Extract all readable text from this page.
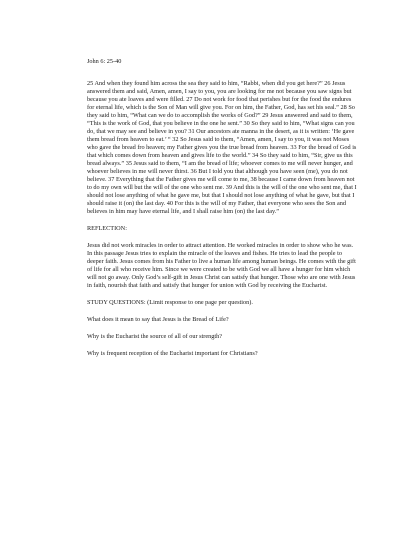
John 6: 25-40

25 And when they found him across the sea they said to him, “Rabbi, when did you get here?” 26 Jesus answered them and said, Amen, amen, I say to you, you are looking for me not because you saw signs but because you ate loaves and were filled. 27 Do not work for food that perishes but for the food the endures for eternal life, which is the Son of Man will give you. For on him, the Father, God, has set his seal.” 28 So they said to him, “What can we do to accomplish the works of God?” 29 Jesus answered and said to them, “This is the work of God, that you believe in the one he sent.” 30 So they said to him, “What signs can you do, that we may see and believe in you? 31 Our ancestors ate manna in the desert, as it is written: ‘He gave them bread from heaven to eat.’ “ 32 So Jesus said to them, “Amen, amen, I say to you, it was not Moses who gave the bread fro heaven; my Father gives you the true bread from heaven. 33 For the bread of God is that which comes down from heaven and gives life to the world.” 34 So they said to him, “Sir, give us this bread always.” 35 Jesus said to them, “I am the bread of life; whoever comes to me will never hunger, and whoever believes in me will never thirst. 36 But I told you that although you have seen (me), you do not believe. 37 Everything that the Father gives me will come to me, 38 because I came down from heaven not to do my own will but the will of the one who sent me. 39 And this is the will of the one who sent me, that I should not lose anything of what he gave me, but that I should not lose anything of what he gave, but that I should raise it (on) the last day. 40 For this is the will of my Father, that everyone who sees the Son and believes in him may have eternal life, and I shall raise him (on) the last day.”

REFLECTION:

Jesus did not work miracles in order to attract attention. He worked miracles in order to show who he was. In this passage Jesus tries to explain the miracle of the loaves and fishes. He tries to lead the people to deeper faith. Jesus comes from his Father to live a human life among human beings. He comes with the gift of life for all who receive him. Since we were created to be with God we all have a hunger for him which will not go away. Only God’s self-gift in Jesus Christ can satisfy that hunger. Those who are one with Jesus in faith, nourish that faith and satisfy that hunger for union with God by receiving the Eucharist.

STUDY QUESTIONS: (Limit response to one page per question).

What does it mean to say that Jesus is the Bread of Life?

Why is the Eucharist the source of all of our strength?

Why is frequent reception of the Eucharist important for Christians?
